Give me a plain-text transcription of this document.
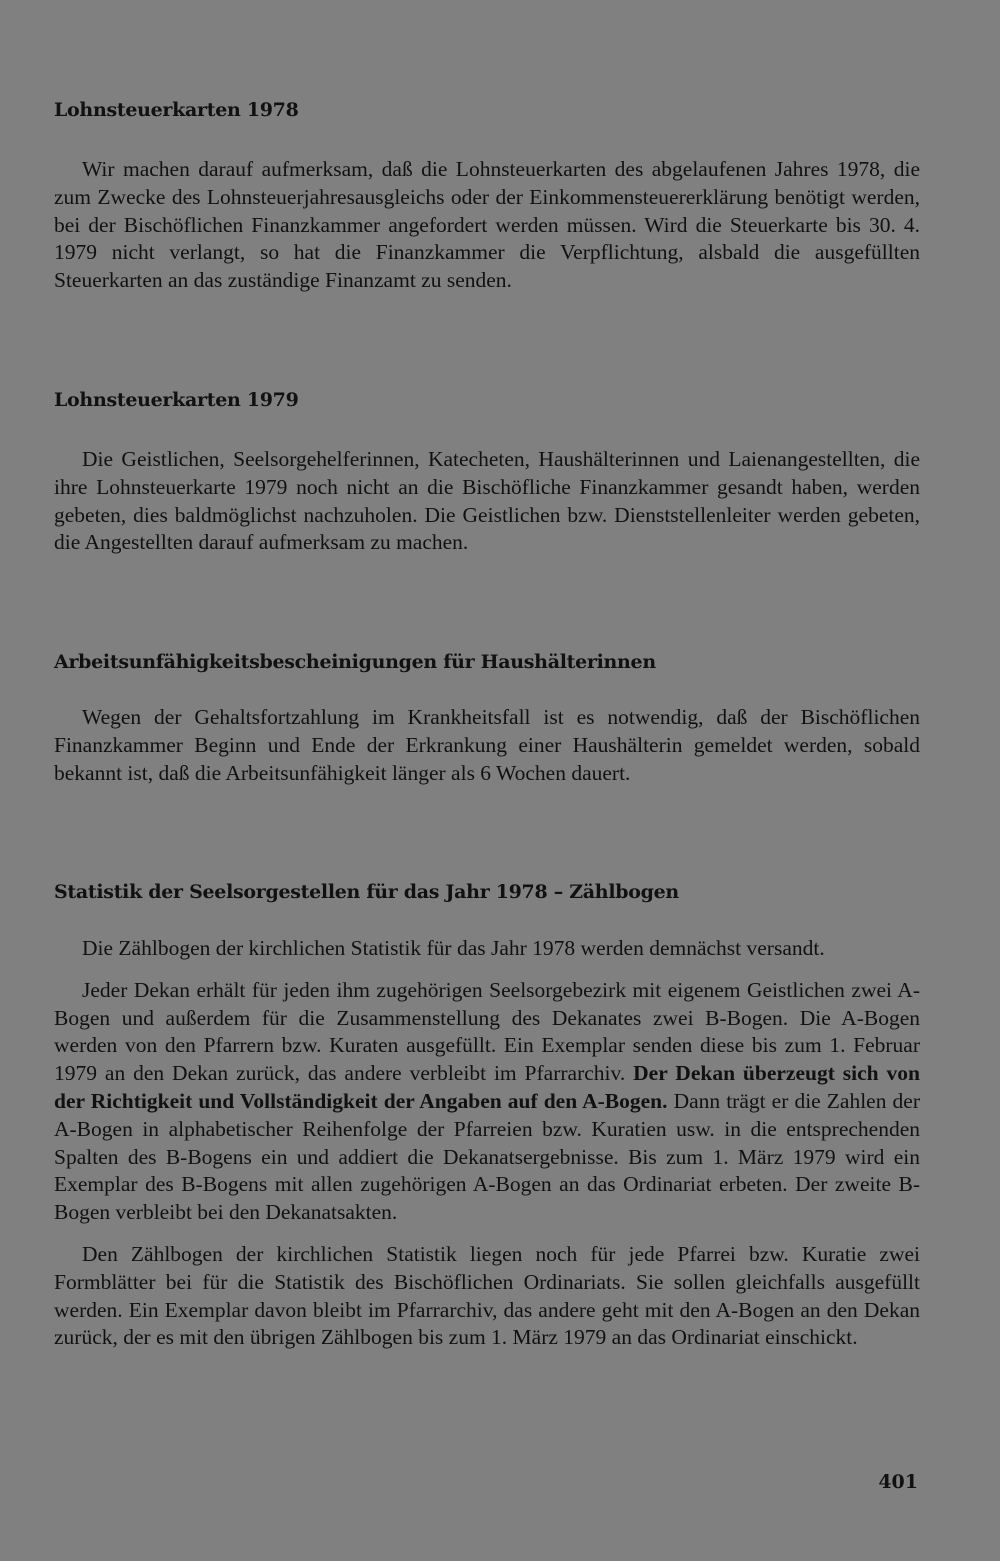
Lohnsteuerkarten 1978

Wir machen darauf aufmerksam, daß die Lohnsteuerkarten des abgelaufenen Jahres 1978, die zum Zwecke des Lohnsteuerjahresausgleichs oder der Einkommensteuererklärung benötigt werden, bei der Bischöflichen Finanzkammer angefordert werden müssen. Wird die Steuerkarte bis 30. 4. 1979 nicht verlangt, so hat die Finanzkammer die Verpflichtung, alsbald die ausgefüllten Steuerkarten an das zuständige Finanzamt zu senden.

Lohnsteuerkarten 1979

Die Geistlichen, Seelsorgehelferinnen, Katecheten, Haushälterinnen und Laienangestellten, die ihre Lohnsteuerkarte 1979 noch nicht an die Bischöfliche Finanzkammer gesandt haben, werden gebeten, dies baldmöglichst nachzuholen. Die Geistlichen bzw. Dienststellenleiter werden gebeten, die Angestellten darauf aufmerksam zu machen.

Arbeitsunfähigkeitsbescheinigungen für Haushälterinnen

Wegen der Gehaltsfortzahlung im Krankheitsfall ist es notwendig, daß der Bischöflichen Finanzkammer Beginn und Ende der Erkrankung einer Haushälterin gemeldet werden, sobald bekannt ist, daß die Arbeitsunfähigkeit länger als 6 Wochen dauert.

Statistik der Seelsorgestellen für das Jahr 1978 – Zählbogen

Die Zählbogen der kirchlichen Statistik für das Jahr 1978 werden demnächst versandt.

Jeder Dekan erhält für jeden ihm zugehörigen Seelsorgebezirk mit eigenem Geistlichen zwei A-Bogen und außerdem für die Zusammenstellung des Dekanates zwei B-Bogen. Die A-Bogen werden von den Pfarrern bzw. Kuraten ausgefüllt. Ein Exemplar senden diese bis zum 1. Februar 1979 an den Dekan zurück, das andere verbleibt im Pfarrarchiv. Der Dekan überzeugt sich von der Richtigkeit und Vollständigkeit der Angaben auf den A-Bogen. Dann trägt er die Zahlen der A-Bogen in alphabetischer Reihenfolge der Pfarreien bzw. Kuratien usw. in die entsprechenden Spalten des B-Bogens ein und addiert die Dekanatsergebnisse. Bis zum 1. März 1979 wird ein Exemplar des B-Bogens mit allen zugehörigen A-Bogen an das Ordinariat erbeten. Der zweite B-Bogen verbleibt bei den Dekanatsakten.

Den Zählbogen der kirchlichen Statistik liegen noch für jede Pfarrei bzw. Kuratie zwei Formblätter bei für die Statistik des Bischöflichen Ordinariats. Sie sollen gleichfalls ausgefüllt werden. Ein Exemplar davon bleibt im Pfarrarchiv, das andere geht mit den A-Bogen an den Dekan zurück, der es mit den übrigen Zählbogen bis zum 1. März 1979 an das Ordinariat einschickt.

401
